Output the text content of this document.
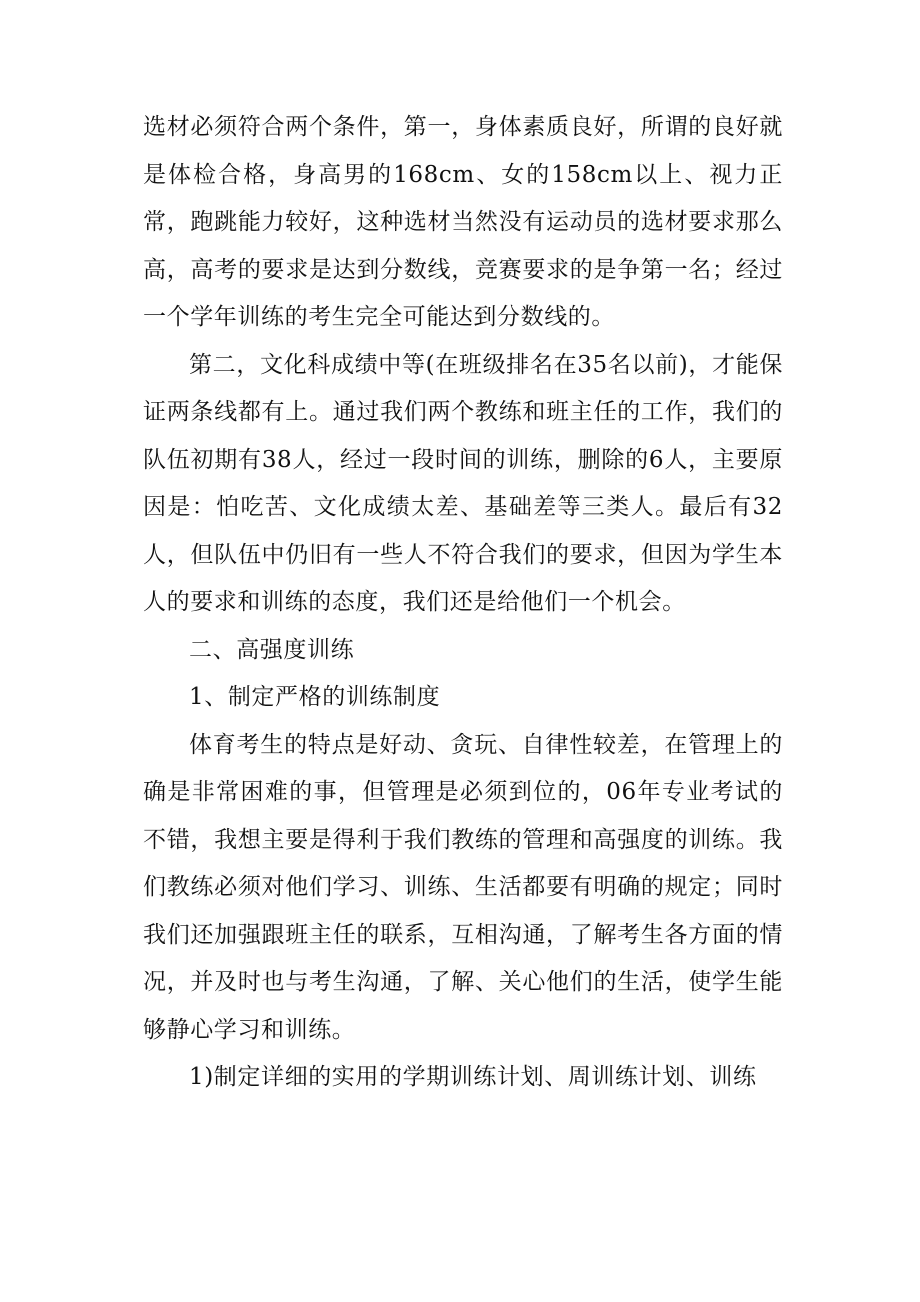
选材必须符合两个条件，第一，身体素质良好，所谓的良好就是体检合格，身高男的168cm、女的158cm以上、视力正常，跑跳能力较好，这种选材当然没有运动员的选材要求那么高，高考的要求是达到分数线，竞赛要求的是争第一名；经过一个学年训练的考生完全可能达到分数线的。

第二，文化科成绩中等(在班级排名在35名以前)，才能保证两条线都有上。通过我们两个教练和班主任的工作，我们的队伍初期有38人，经过一段时间的训练，删除的6人，主要原因是：怕吃苦、文化成绩太差、基础差等三类人。最后有32人，但队伍中仍旧有一些人不符合我们的要求，但因为学生本人的要求和训练的态度，我们还是给他们一个机会。

二、高强度训练

1、制定严格的训练制度

体育考生的特点是好动、贪玩、自律性较差，在管理上的确是非常困难的事，但管理是必须到位的，06年专业考试的不错，我想主要是得利于我们教练的管理和高强度的训练。我们教练必须对他们学习、训练、生活都要有明确的规定；同时我们还加强跟班主任的联系，互相沟通，了解考生各方面的情况，并及时也与考生沟通，了解、关心他们的生活，使学生能够静心学习和训练。

1)制定详细的实用的学期训练计划、周训练计划、训练
